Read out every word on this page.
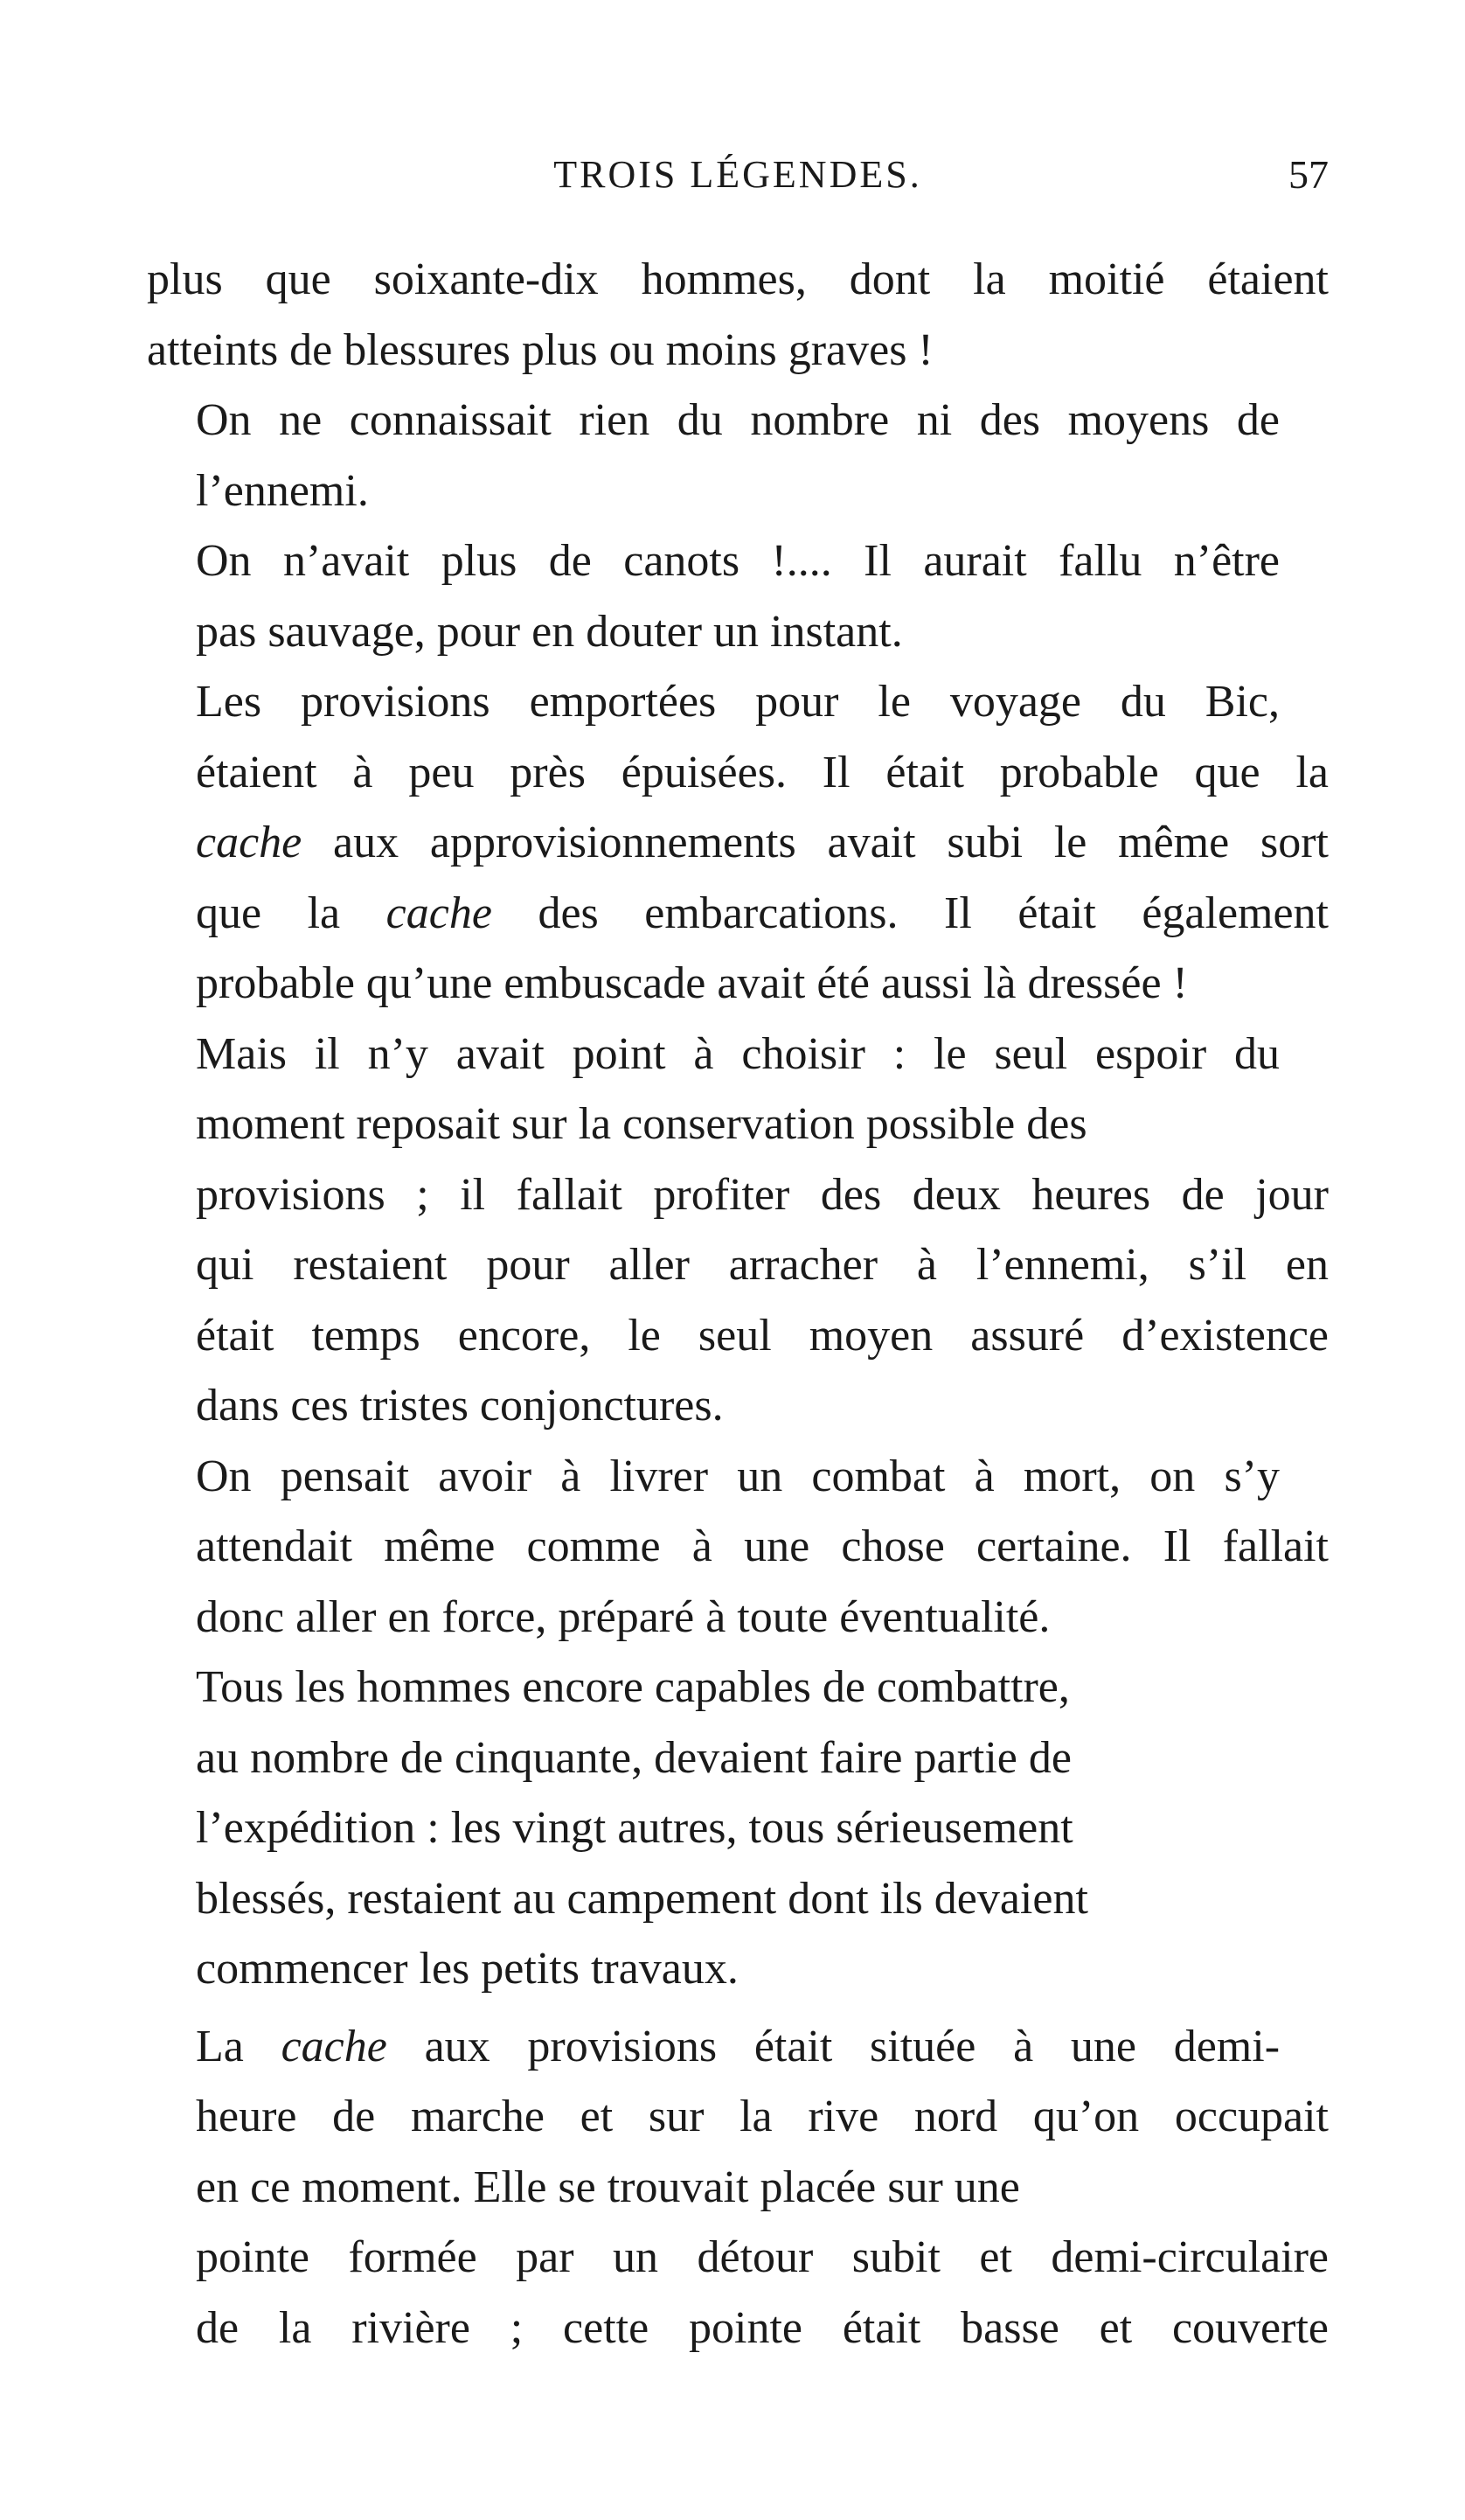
TROIS LÉGENDES.	57

plus que soixante-dix hommes, dont la moitié étaient
atteints de blessures plus ou moins graves !

On ne connaissait rien du nombre ni des moyens de
l’ennemi.

On n’avait plus de canots !.... Il aurait fallu n’être
pas sauvage, pour en douter un instant.

Les provisions emportées pour le voyage du Bic,
étaient à peu près épuisées. Il était probable que la
cache aux approvisionnements avait subi le même sort
que la cache des embarcations. Il était également
probable qu’une embuscade avait été aussi là dressée !

Mais il n’y avait point à choisir : le seul espoir du
moment reposait sur la conservation possible des
provisions ; il fallait profiter des deux heures de jour
qui restaient pour aller arracher à l’ennemi, s’il en
était temps encore, le seul moyen assuré d’existence
dans ces tristes conjonctures.

On pensait avoir à livrer un combat à mort, on s’y
attendait même comme à une chose certaine. Il fallait
donc aller en force, préparé à toute éventualité.

Tous les hommes encore capables de combattre,
au nombre de cinquante, devaient faire partie de
l’expédition : les vingt autres, tous sérieusement
blessés, restaient au campement dont ils devaient
commencer les petits travaux.

La cache aux provisions était située à une demi-
heure de marche et sur la rive nord qu’on occupait
en ce moment. Elle se trouvait placée sur une
pointe formée par un détour subit et demi-circulaire
de la rivière ; cette pointe était basse et couverte
